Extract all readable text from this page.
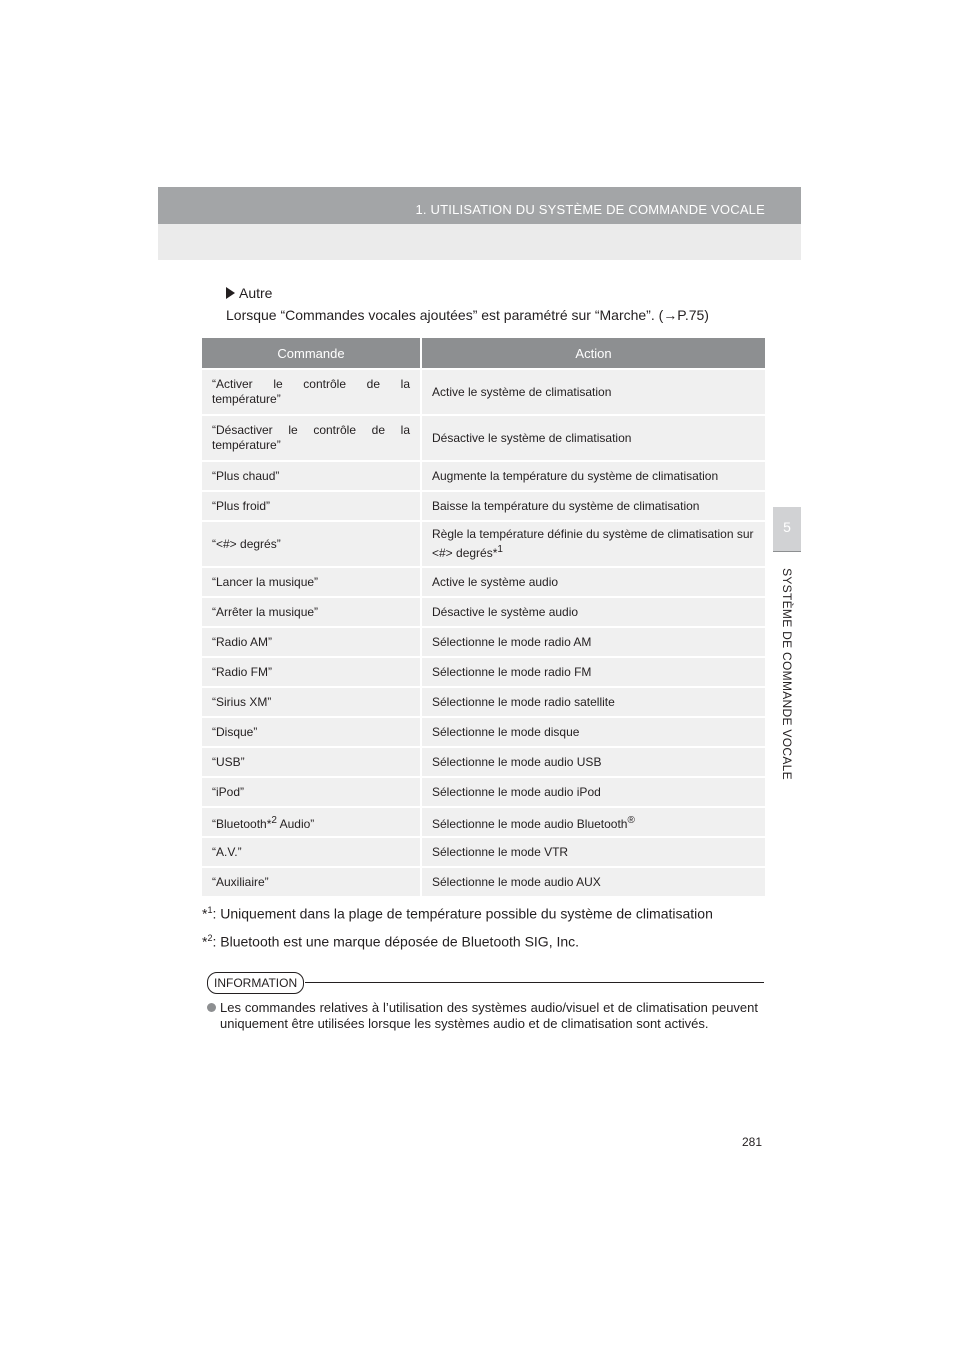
1. UTILISATION DU SYSTÈME DE COMMANDE VOCALE
Autre
Lorsque “Commandes vocales ajoutées” est paramétré sur “Marche”. (→P.75)
Commande	Action
“Activer le contrôle de la température”	Active le système de climatisation
“Désactiver le contrôle de la température”	Désactive le système de climatisation
“Plus chaud”	Augmente la température du système de climatisation
“Plus froid”	Baisse la température du système de climatisation
“<#> degrés”	Règle la température définie du système de climatisation sur <#> degrés*$^1$
“Lancer la musique”	Active le système audio
“Arrêter la musique”	Désactive le système audio
“Radio AM”	Sélectionne le mode radio AM
“Radio FM”	Sélectionne le mode radio FM
“Sirius XM”	Sélectionne le mode radio satellite
“Disque”	Sélectionne le mode disque
“USB”	Sélectionne le mode audio USB
“iPod”	Sélectionne le mode audio iPod
“Bluetooth*$^2$ Audio”	Sélectionne le mode audio Bluetooth®
“A.V.”	Sélectionne le mode VTR
“Auxiliaire”	Sélectionne le mode audio AUX
*$^1$: Uniquement dans la plage de température possible du système de climatisation
*$^2$: Bluetooth est une marque déposée de Bluetooth SIG, Inc.
INFORMATION
Les commandes relatives à l’utilisation des systèmes audio/visuel et de climatisation peuvent uniquement être utilisées lorsque les systèmes audio et de climatisation sont activés.
5
SYSTÈME DE COMMANDE VOCALE
281
